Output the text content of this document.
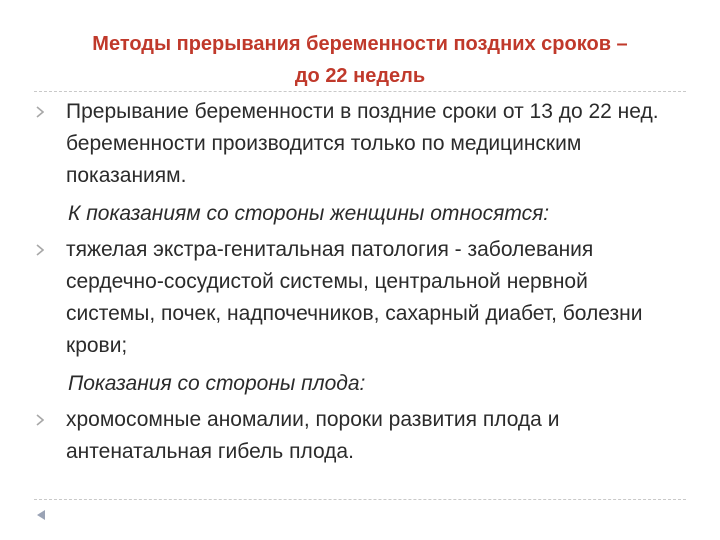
Методы прерывания беременности поздних сроков –
до 22 недель
Прерывание беременности в поздние сроки от 13 до 22 нед. беременности производится только по медицинским показаниям.
К показаниям со стороны женщины относятся:
тяжелая экстра-генитальная патология - заболевания сердечно-сосудистой системы, центральной нервной системы, почек, надпочечников, сахарный диабет, болезни крови;
Показания со стороны плода:
хромосомные аномалии, пороки развития плода и антенатальная гибель плода.
